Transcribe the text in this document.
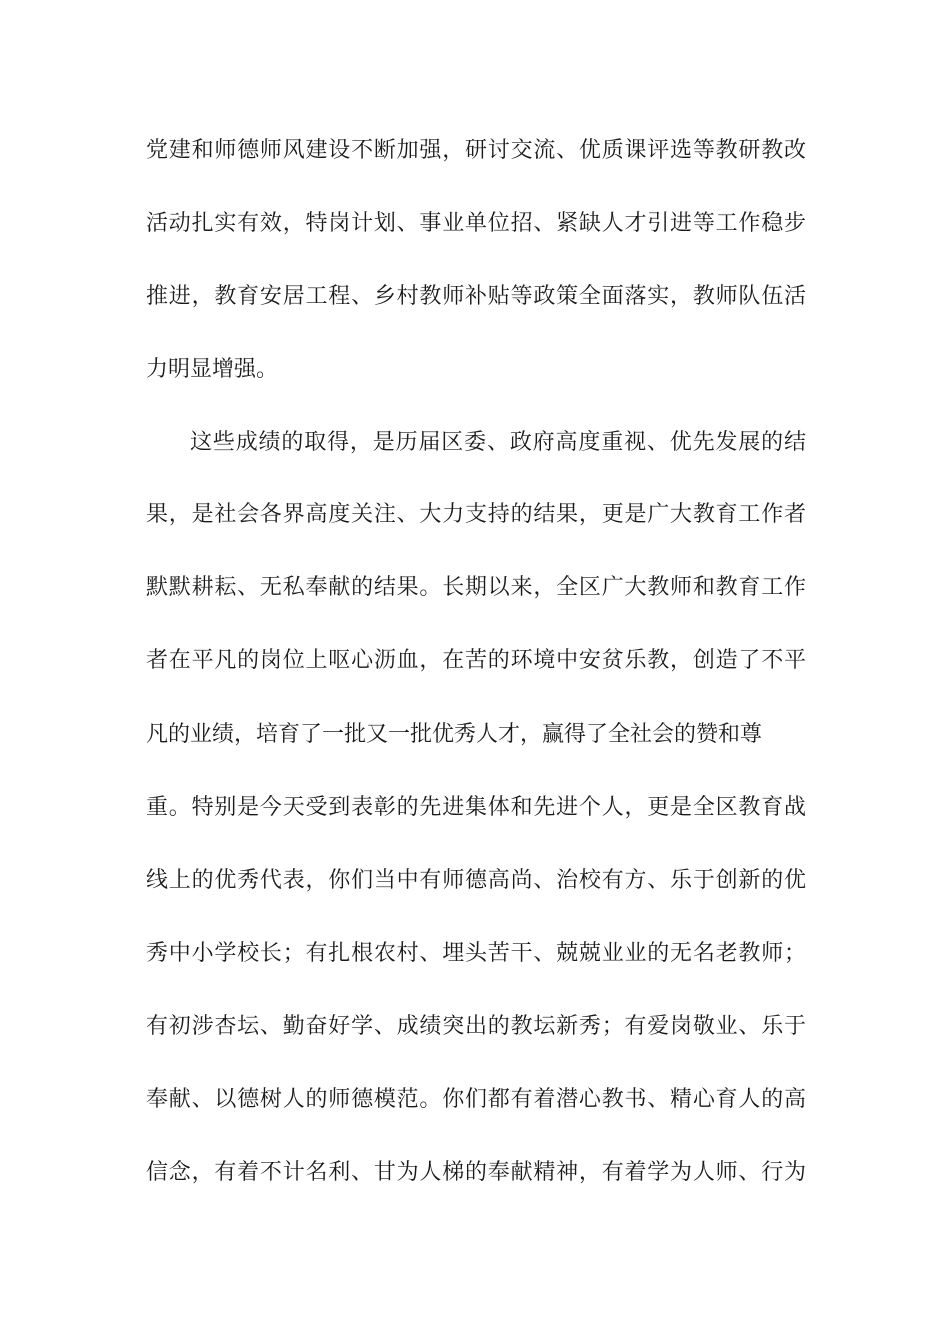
党建和师德师风建设不断加强，研讨交流、优质课评选等教研教改
活动扎实有效，特岗计划、事业单位招、紧缺人才引进等工作稳步
推进，教育安居工程、乡村教师补贴等政策全面落实，教师队伍活
力明显增强。
这些成绩的取得，是历届区委、政府高度重视、优先发展的结
果，是社会各界高度关注、大力支持的结果，更是广大教育工作者
默默耕耘、无私奉献的结果。长期以来，全区广大教师和教育工作
者在平凡的岗位上呕心沥血，在苦的环境中安贫乐教，创造了不平
凡的业绩，培育了一批又一批优秀人才，赢得了全社会的赞和尊
重。特别是今天受到表彰的先进集体和先进个人，更是全区教育战
线上的优秀代表，你们当中有师德高尚、治校有方、乐于创新的优
秀中小学校长；有扎根农村、埋头苦干、兢兢业业的无名老教师；
有初涉杏坛、勤奋好学、成绩突出的教坛新秀；有爱岗敬业、乐于
奉献、以德树人的师德模范。你们都有着潜心教书、精心育人的高
信念，有着不计名利、甘为人梯的奉献精神，有着学为人师、行为
